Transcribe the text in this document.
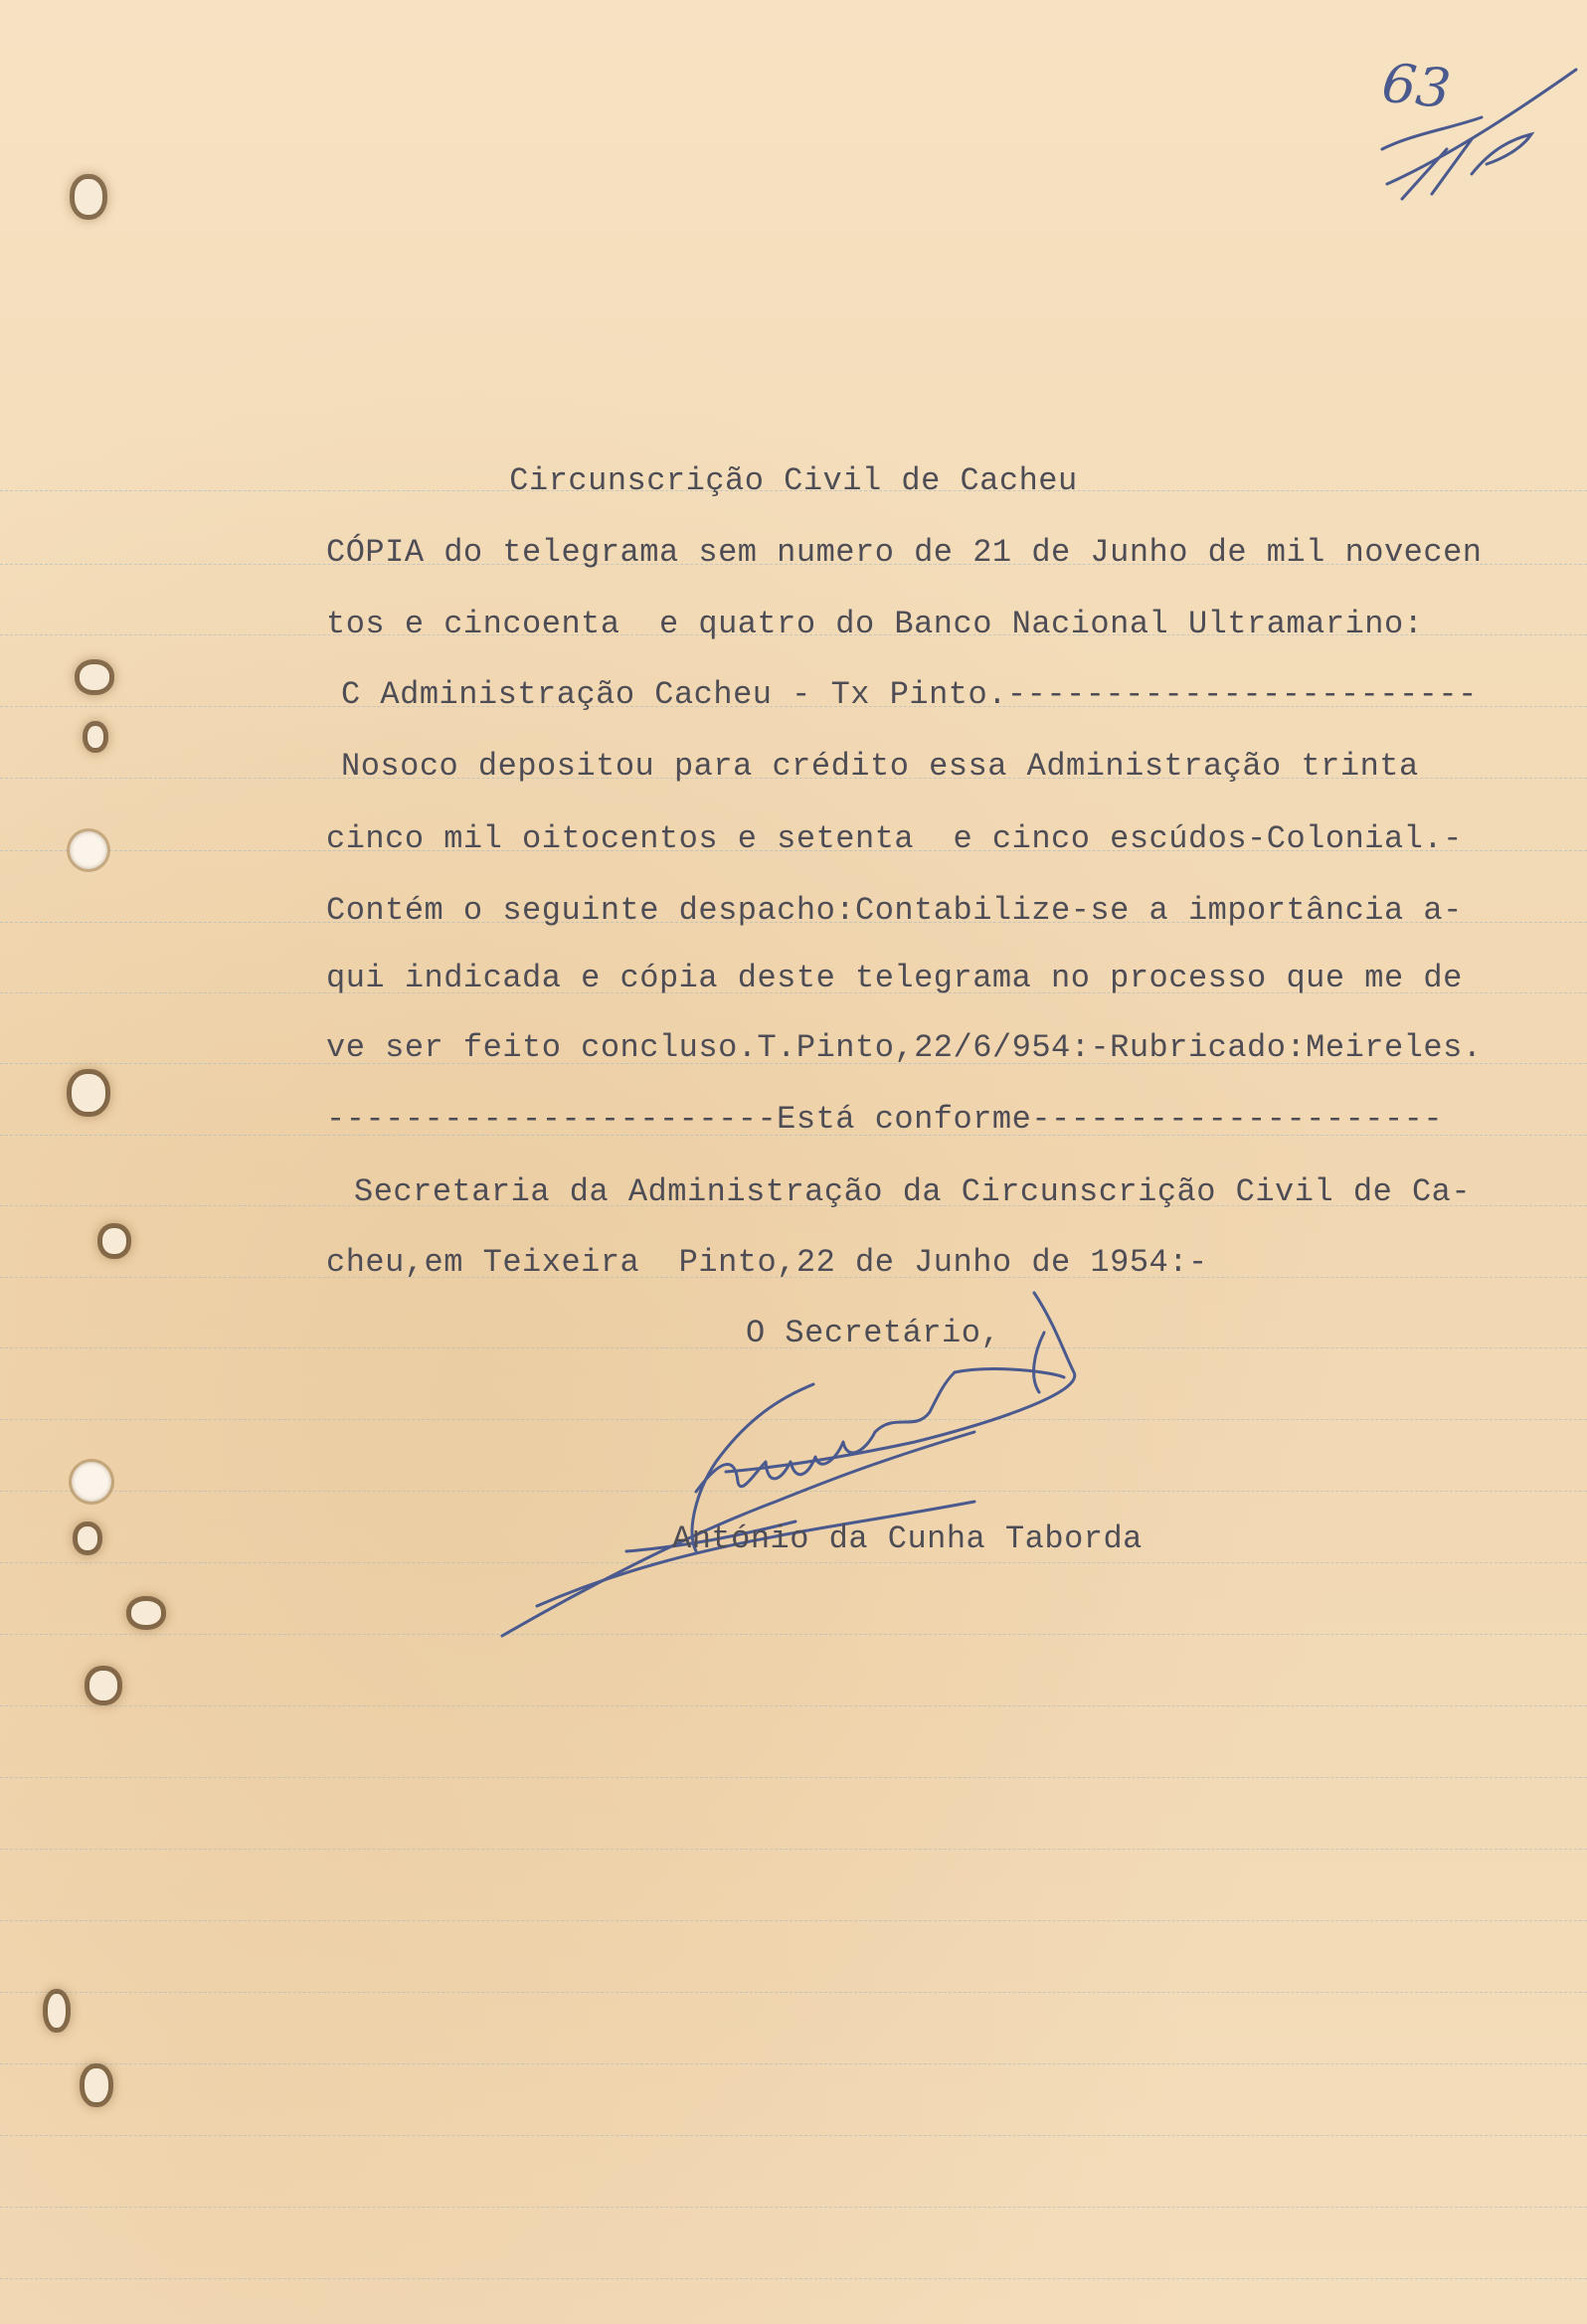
63
Circunscrição Civil de Cacheu
CÓPIA do telegrama sem numero de 21 de Junho de mil novecen
tos e cincoenta  e quatro do Banco Nacional Ultramarino:
C Administração Cacheu - Tx Pinto.------------------------
Nosoco depositou para crédito essa Administração trinta
cinco mil oitocentos e setenta  e cinco escúdos-Colonial.-
Contém o seguinte despacho:Contabilize-se a importância a-
qui indicada e cópia deste telegrama no processo que me de
ve ser feito concluso.T.Pinto,22/6/954:-Rubricado:Meireles.
-----------------------Está conforme---------------------
Secretaria da Administração da Circunscrição Civil de Ca-
cheu,em Teixeira  Pinto,22 de Junho de 1954:-
O Secretário,
António da Cunha Taborda
